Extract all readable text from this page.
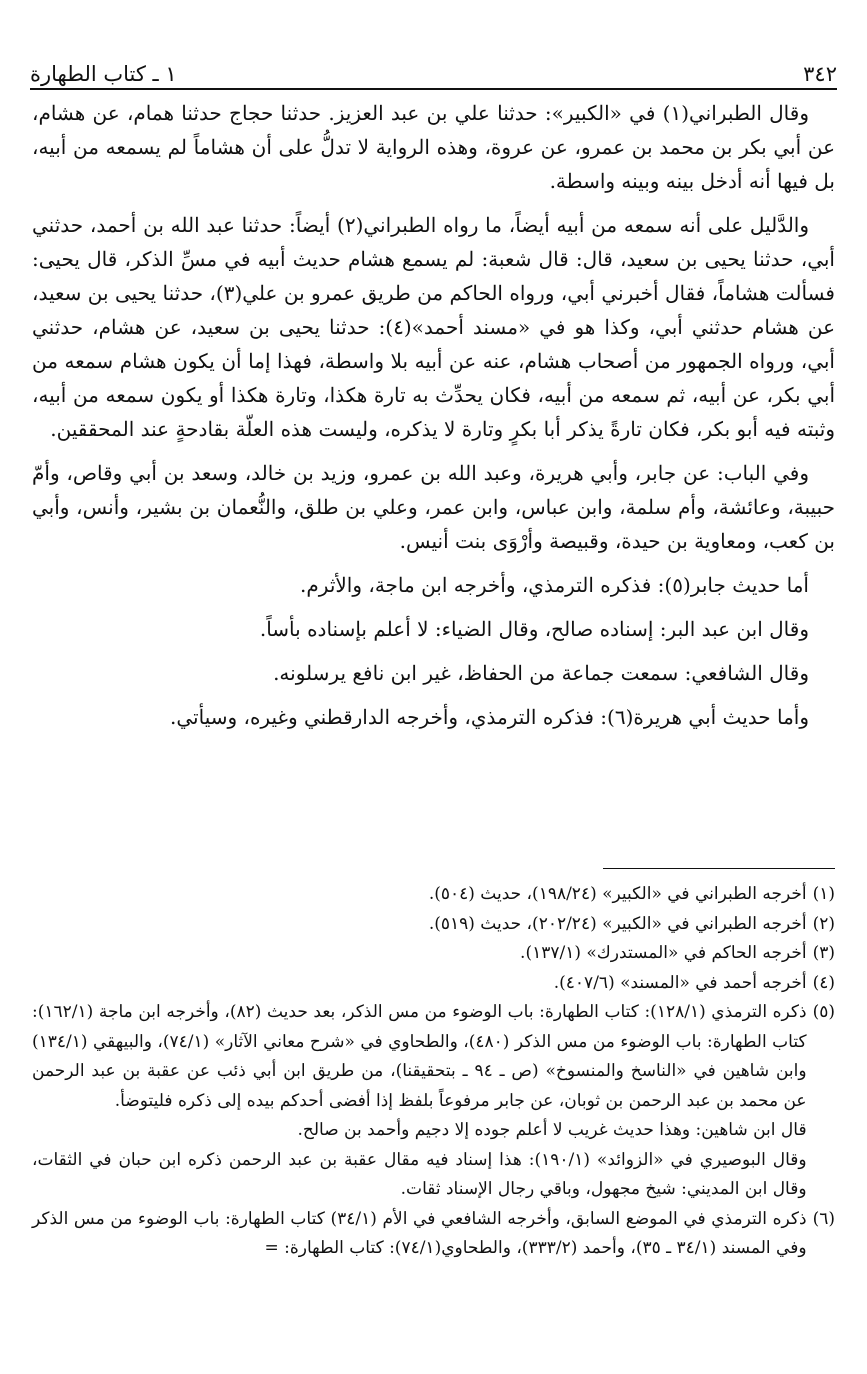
٣٤٢
١ ـ كتاب الطهارة

وقال الطبراني(١) في «الكبير»: حدثنا علي بن عبد العزيز. حدثنا حجاج حدثنا همام، عن هشام، عن أبي بكر بن محمد بن عمرو، عن عروة، وهذه الرواية لا تدلُّ على أن هشاماً لم يسمعه من أبيه، بل فيها أنه أدخل بينه وبينه واسطة.

والدَّليل على أنه سمعه من أبيه أيضاً، ما رواه الطبراني(٢) أيضاً: حدثنا عبد الله بن أحمد، حدثني أبي، حدثنا يحيى بن سعيد، قال: قال شعبة: لم يسمع هشام حديث أبيه في مسِّ الذكر، قال يحيى: فسألت هشاماً، فقال أخبرني أبي، ورواه الحاكم من طريق عمرو بن علي(٣)، حدثنا يحيى بن سعيد، عن هشام حدثني أبي، وكذا هو في «مسند أحمد»(٤): حدثنا يحيى بن سعيد، عن هشام، حدثني أبي، ورواه الجمهور من أصحاب هشام، عنه عن أبيه بلا واسطة، فهذا إما أن يكون هشام سمعه من أبي بكر، عن أبيه، ثم سمعه من أبيه، فكان يحدِّث به تارة هكذا، وتارة هكذا أو يكون سمعه من أبيه، وثبته فيه أبو بكر، فكان تارةً يذكر أبا بكرٍ وتارة لا يذكره، وليست هذه العلّة بقادحةٍ عند المحققين.

وفي الباب: عن جابر، وأبي هريرة، وعبد الله بن عمرو، وزيد بن خالد، وسعد بن أبي وقاص، وأمّ حبيبة، وعائشة، وأم سلمة، وابن عباس، وابن عمر، وعلي بن طلق، والنُّعمان بن بشير، وأنس، وأبي بن كعب، ومعاوية بن حيدة، وقبيصة وأرْوَى بنت أنيس.

أما حديث جابر(٥): فذكره الترمذي، وأخرجه ابن ماجة، والأثرم.

وقال ابن عبد البر: إسناده صالح، وقال الضياء: لا أعلم بإسناده بأساً.

وقال الشافعي: سمعت جماعة من الحفاظ، غير ابن نافع يرسلونه.

وأما حديث أبي هريرة(٦): فذكره الترمذي، وأخرجه الدارقطني وغيره، وسيأتي.

(١)
أخرجه الطبراني في «الكبير» (١٩٨/٢٤)، حديث (٥٠٤).
(٢)
أخرجه الطبراني في «الكبير» (٢٠٢/٢٤)، حديث (٥١٩).
(٣)
أخرجه الحاكم في «المستدرك» (١٣٧/١).
(٤)
أخرجه أحمد في «المسند» (٤٠٧/٦).
(٥)
ذكره الترمذي (١٢٨/١): كتاب الطهارة: باب الوضوء من مس الذكر، بعد حديث (٨٢)، وأخرجه ابن ماجة (١٦٢/١): كتاب الطهارة: باب الوضوء من مس الذكر (٤٨٠)، والطحاوي في «شرح معاني الآثار» (٧٤/١)، والبيهقي (١٣٤/١) وابن شاهين في «الناسخ والمنسوخ» (ص ـ ٩٤ ـ بتحقيقنا)، من طريق ابن أبي ذئب عن عقبة بن عبد الرحمن عن محمد بن عبد الرحمن بن ثوبان، عن جابر مرفوعاً بلفظ إذا أفضى أحدكم بيده إلى ذكره فليتوضأ.
قال ابن شاهين: وهذا حديث غريب لا أعلم جوده إلا دجيم وأحمد بن صالح.
وقال البوصيري في «الزوائد» (١٩٠/١): هذا إسناد فيه مقال عقبة بن عبد الرحمن ذكره ابن حبان في الثقات، وقال ابن المديني: شيخ مجهول، وباقي رجال الإسناد ثقات.
(٦)
ذكره الترمذي في الموضع السابق، وأخرجه الشافعي في الأم (٣٤/١) كتاب الطهارة: باب الوضوء من مس الذكر وفي المسند (٣٤/١ ـ ٣٥)، وأحمد (٣٣٣/٢)، والطحاوي(٧٤/١): كتاب الطهارة: =
